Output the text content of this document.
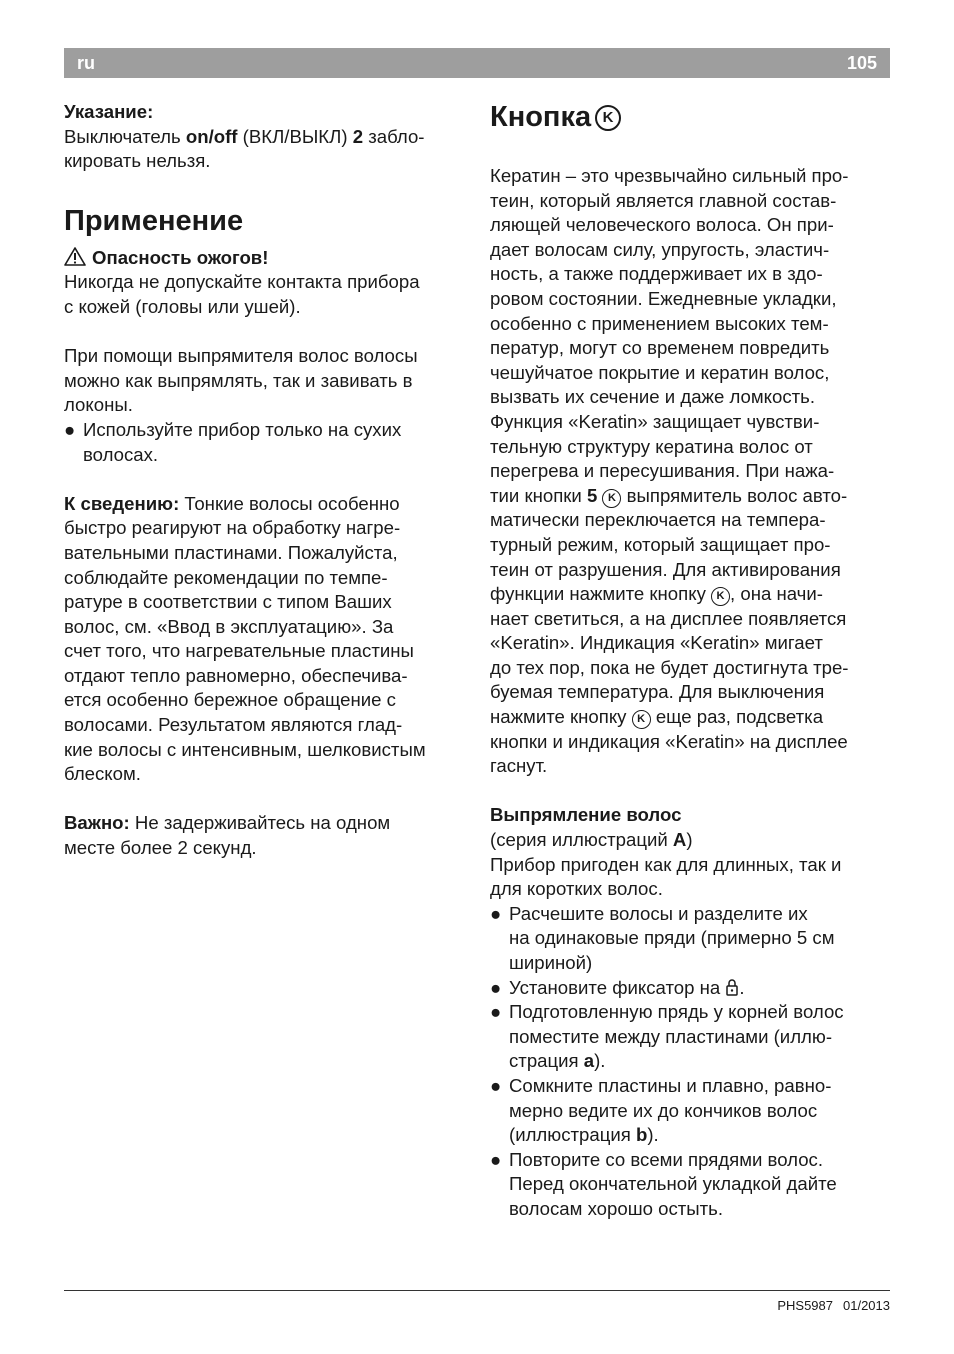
ru	105

Указание:

Выключатель on/off (ВКЛ/ВЫКЛ) 2 забло-

кировать нельзя.

Применение

Опасность ожогов!

Никогда не допускайте контакта прибора

с кожей (головы или ушей).

При помощи выпрямителя волос волосы

можно как выпрямлять, так и завивать в

локоны.

● Используйте прибор только на сухих

волосах.

К сведению: Тонкие волосы особенно

быстро реагируют на обработку нагре-

вательными пластинами. Пожалуйста,

соблюдайте рекомендации по темпе-

ратуре в соответствии с типом Ваших

волос, см. «Ввод в эксплуатацию». За

счет того, что нагревательные пластины

отдают тепло равномерно, обеспечива-

ется особенно бережное обращение с

волосами. Результатом являются глад-

кие волосы с интенсивным, шелковистым

блеском.

Важно: Не задерживайтесь на одном

месте более 2 секунд.

Кнопка K

Кератин – это чрезвычайно сильный про-

теин, который является главной состав-

ляющей человеческого волоса. Он при-

дает волосам силу, упругость, эластич-

ность, а также поддерживает их в здо-

ровом состоянии. Ежедневные укладки,

особенно с применением высоких тем-

ператур, могут со временем повредить

чешуйчатое покрытие и кератин волос,

вызвать их сечение и даже ломкость.

Функция «Keratin» защищает чувстви-

тельную структуру кератина волос от

перегрева и пересушивания. При нажа-

тии кнопки 5 K выпрямитель волос авто-

матически переключается на темпера-

турный режим, который защищает про-

теин от разрушения. Для активирования

функции нажмите кнопку K , она начи-

нает светиться, а на дисплее появляется

«Keratin». Индикация «Keratin» мигает

до тех пор, пока не будет достигнута тре-

буемая температура. Для выключения

нажмите кнопку K еще раз, подсветка

кнопки и индикация «Keratin» на дисплее

гаснут.

Выпрямление волос

(серия иллюстраций A)

Прибор пригоден как для длинных, так и

для коротких волос.

● Расчешите волосы и разделите их

на одинаковые пряди (примерно 5 см

шириной)

● Установите фиксатор на .

● Подготовленную прядь у корней волос

поместите между пластинами (иллю-

страция a).

● Сомкните пластины и плавно, равно-

мерно ведите их до кончиков волос

(иллюстрация b).

● Повторите со всеми прядями волос.

Перед окончательной укладкой дайте

волосам хорошо остыть.

PHS5987 01/2013
